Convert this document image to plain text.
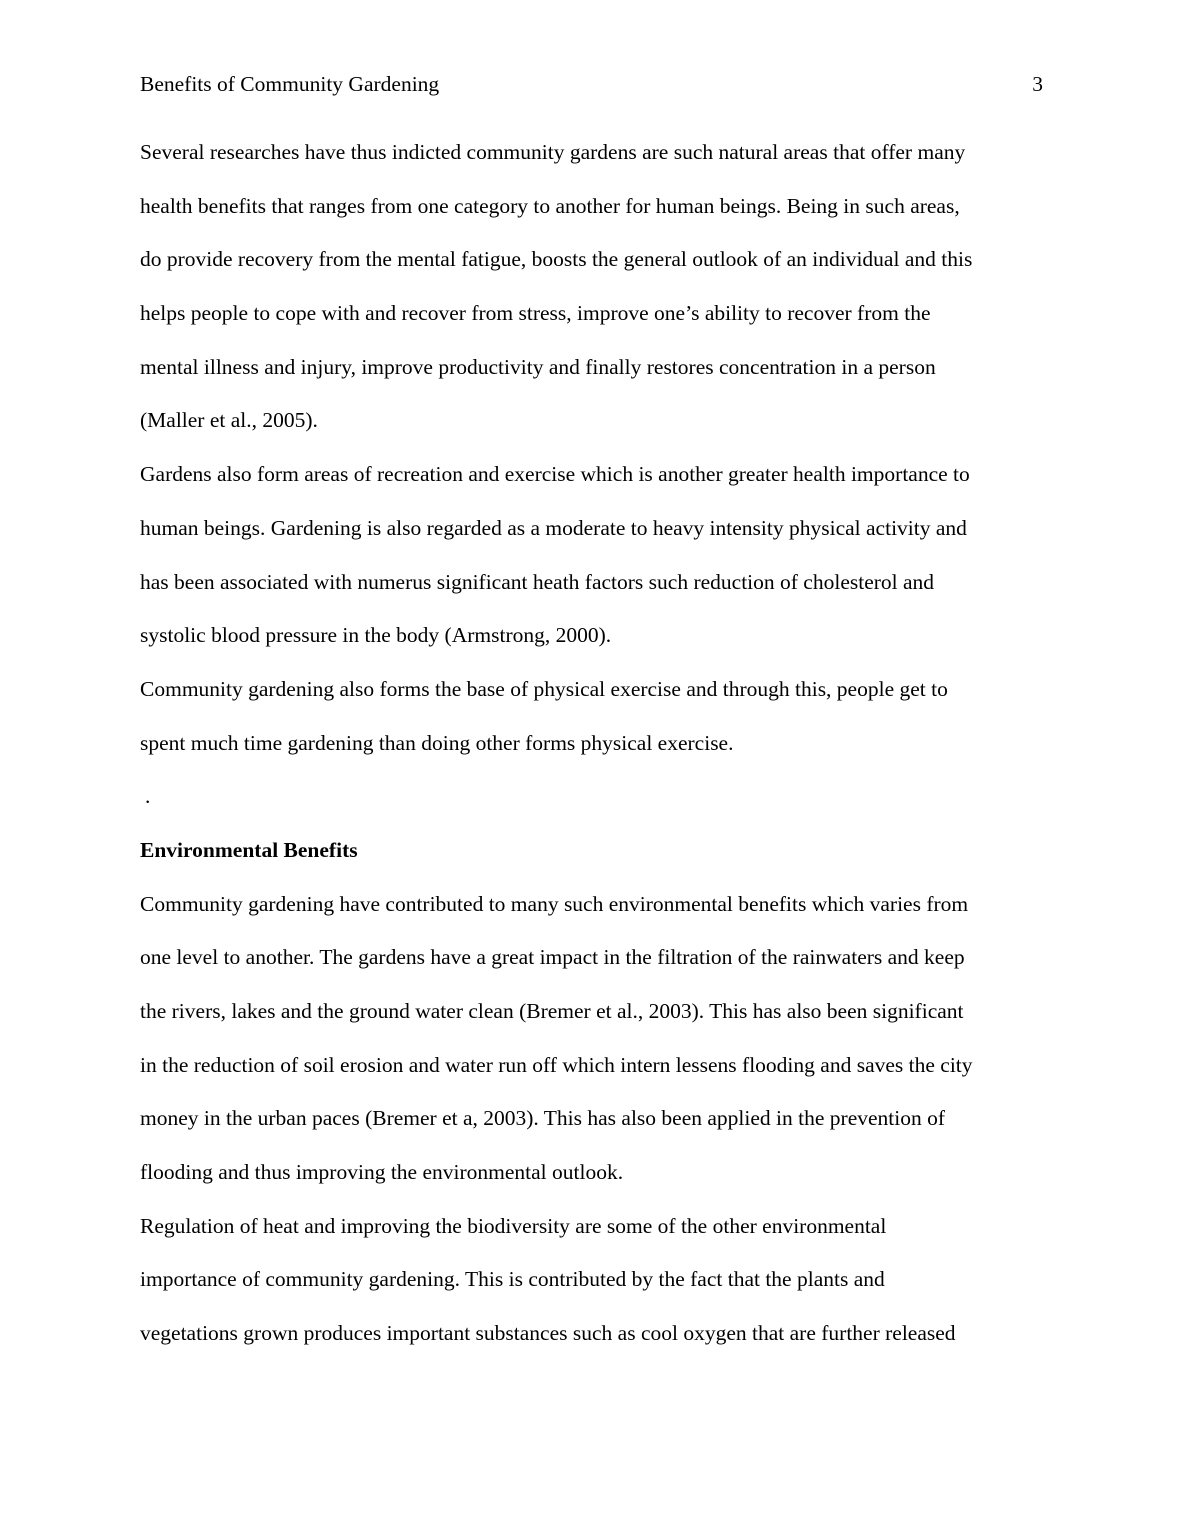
Benefits of Community Gardening	3
Several researches have thus indicted community gardens are such natural areas that offer many
health benefits that ranges from one category to another for human beings. Being in such areas,
do provide recovery from the mental fatigue, boosts the general outlook of an individual and this
helps people to cope with and recover from stress, improve one’s ability to recover from the
mental illness and injury, improve productivity and finally restores concentration in a person
(Maller et al., 2005).
Gardens also form areas of recreation and exercise which is another greater health importance to
human beings. Gardening is also regarded as a moderate to heavy intensity physical activity and
has been associated with numerus significant heath factors such reduction of cholesterol and
systolic blood pressure in the body (Armstrong, 2000).
Community gardening also forms the base of physical exercise and through this, people get to
spent much time gardening than doing other forms physical exercise.
.
Environmental Benefits
Community gardening have contributed to many such environmental benefits which varies from
one level to another. The gardens have a great impact in the filtration of the rainwaters and keep
the rivers, lakes and the ground water clean (Bremer et al., 2003). This has also been significant
in the reduction of soil erosion and water run off which intern lessens flooding and saves the city
money in the urban paces (Bremer et a, 2003). This has also been applied in the prevention of
flooding and thus improving the environmental outlook.
Regulation of heat and improving the biodiversity are some of the other environmental
importance of community gardening. This is contributed by the fact that the plants and
vegetations grown produces important substances such as cool oxygen that are further released
